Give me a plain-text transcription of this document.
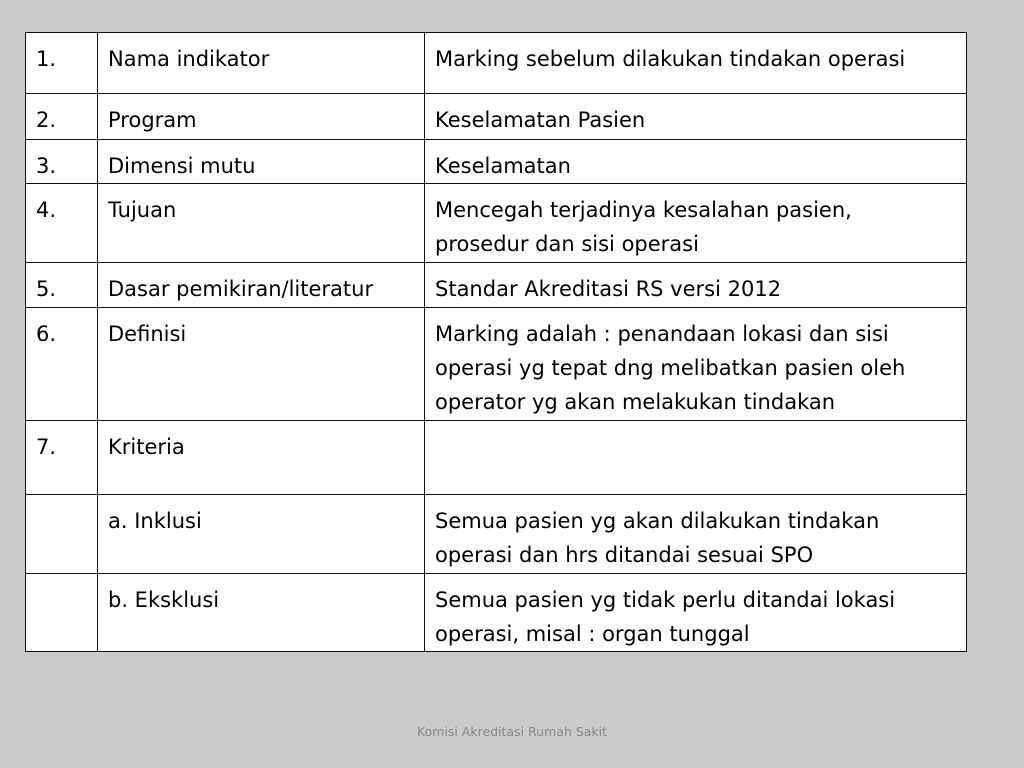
1.	Nama indikator	Marking sebelum dilakukan tindakan operasi

2.	Program	Keselamatan Pasien

3.	Dimensi mutu	Keselamatan

4.	Tujuan	Mencegah terjadinya kesalahan pasien,
prosedur dan sisi operasi

5.	Dasar pemikiran/literatur	Standar Akreditasi RS versi 2012

6.	Definisi	Marking adalah : penandaan lokasi dan sisi
operasi yg tepat dng melibatkan pasien oleh
operator yg akan melakukan tindakan

7.	Kriteria	
	a. Inklusi	Semua pasien yg akan dilakukan tindakan
operasi dan hrs ditandai sesuai SPO

	b. Eksklusi	Semua pasien yg tidak perlu ditandai lokasi
operasi, misal : organ tunggal
Komisi Akreditasi Rumah Sakit
